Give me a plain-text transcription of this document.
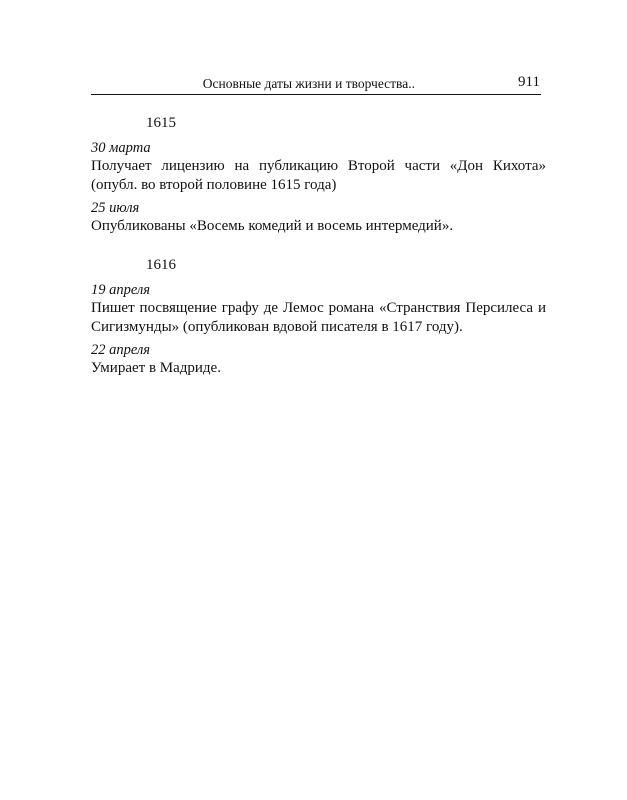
Основные даты жизни и творчества..	911
1615
30 марта
Получает лицензию на публикацию Второй части «Дон Кихота» (опубл. во второй половине 1615 года)
25 июля
Опубликованы «Восемь комедий и восемь интермедий».
1616
19 апреля
Пишет посвящение графу де Лемос романа «Странствия Персилеса и Сигизмунды» (опубликован вдовой писателя в 1617 году).
22 апреля
Умирает в Мадриде.
